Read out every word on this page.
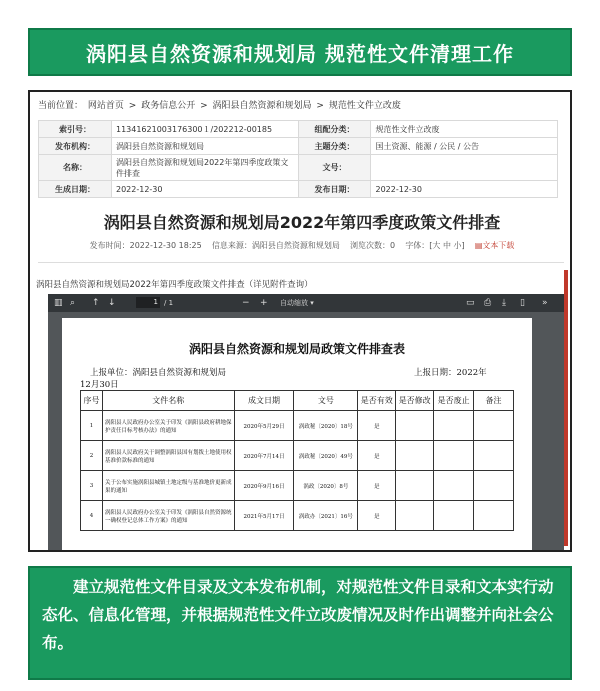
涡阳县自然资源和规划局 规范性文件清理工作
当前位置： 网站首页 > 政务信息公开 > 涡阳县自然资源和规划局 > 规范性文件立改废
索引号：	11341621003176300１/202212-00185	组配分类：	规范性文件立改废
发布机构：	涡阳县自然资源和规划局	主题分类：	国土资源、能源 / 公民 / 公告
名称：	涡阳县自然资源和规划局2022年第四季度政策文件排查	文号：	
生成日期：	2022-12-30	发布日期：	2022-12-30
涡阳县自然资源和规划局2022年第四季度政策文件排查
发布时间：2022-12-30 18:25 信息来源：涡阳县自然资源和规划局 浏览次数：0 字体：[大 中 小] ▤文本下载
涡阳县自然资源和规划局2022年第四季度政策文件排查（详见附件查询）
▥ ⌕ ↑ ↓	1 / 1	− + 自动缩放 ▾	▭ ⎙ ⤓ ▯ »
涡阳县自然资源和规划局政策文件排查表
上报单位：涡阳县自然资源和规划局	上报日期：2022年
12月30日
序号	文件名称	成文日期	文号	是否有效	是否修改	是否废止	备注
1	涡阳县人民政府办公室关于印发《涡阳县政府耕地保护责任目标考核办法》的通知	2020年5月29日	涡政秘〔2020〕18号	是			
2	涡阳县人民政府关于调整涡阳县国有划拨土地使用权基准价款标准的通知	2020年7月14日	涡政秘〔2020〕49号	是			
3	关于公布实施涡阳县城镇土地定级与基准地价更新成果的通知	2020年9月16日	涡政〔2020〕8号	是			
4	涡阳县人民政府办公室关于印发《涡阳县自然资源统一确权登记总体工作方案》的通知	2021年5月17日	涡政办〔2021〕16号	是			
建立规范性文件目录及文本发布机制，对规范性文件目录和文本实行动态化、信息化管理，并根据规范性文件立改废情况及时作出调整并向社会公布。
